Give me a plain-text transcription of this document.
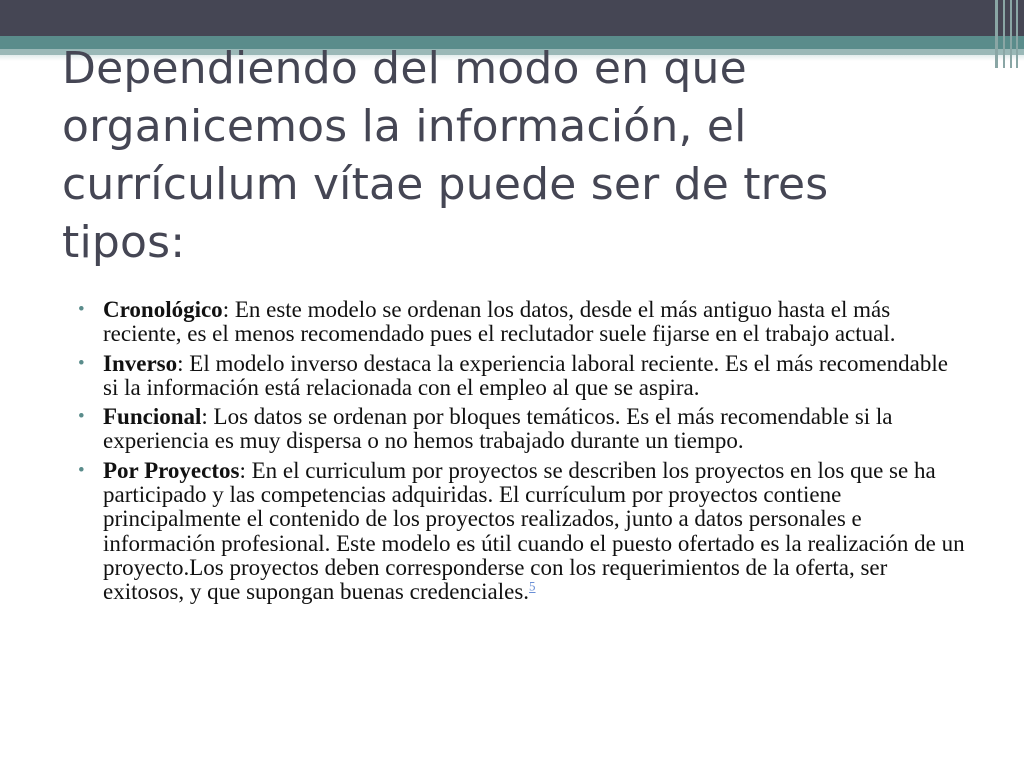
Dependiendo del modo en que organicemos la información, el currículum vítae puede ser de tres tipos:
• Cronológico: En este modelo se ordenan los datos, desde el más antiguo hasta el más reciente, es el menos recomendado pues el reclutador suele fijarse en el trabajo actual.
• Inverso: El modelo inverso destaca la experiencia laboral reciente. Es el más recomendable si la información está relacionada con el empleo al que se aspira.
• Funcional: Los datos se ordenan por bloques temáticos. Es el más recomendable si la experiencia es muy dispersa o no hemos trabajado durante un tiempo.
• Por Proyectos: En el curriculum por proyectos se describen los proyectos en los que se ha participado y las competencias adquiridas. El currículum por proyectos contiene principalmente el contenido de los proyectos realizados, junto a datos personales e información profesional. Este modelo es útil cuando el puesto ofertado es la realización de un proyecto.Los proyectos deben corresponderse con los requerimientos de la oferta, ser exitosos, y que supongan buenas credenciales.$^5$
